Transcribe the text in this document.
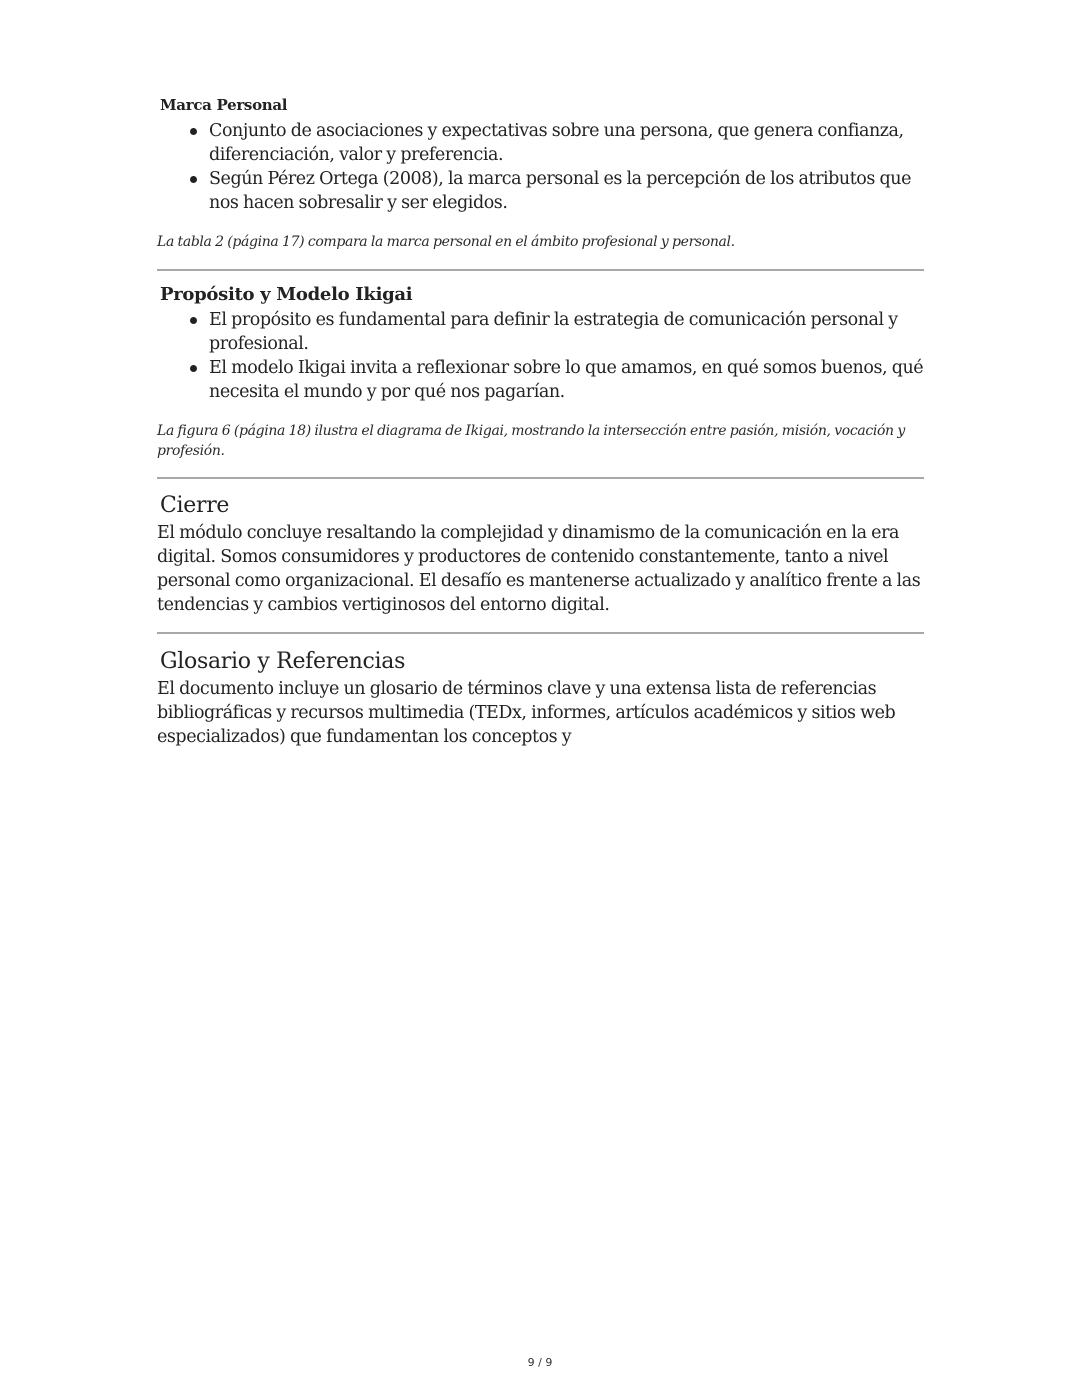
Marca Personal
Conjunto de asociaciones y expectativas sobre una persona, que genera confianza, diferenciación, valor y preferencia.
Según Pérez Ortega (2008), la marca personal es la percepción de los atributos que nos hacen sobresalir y ser elegidos.

La tabla 2 (página 17) compara la marca personal en el ámbito profesional y personal.

Propósito y Modelo Ikigai
El propósito es fundamental para definir la estrategia de comunicación personal y profesional.
El modelo Ikigai invita a reflexionar sobre lo que amamos, en qué somos buenos, qué necesita el mundo y por qué nos pagarían.

La figura 6 (página 18) ilustra el diagrama de Ikigai, mostrando la intersección entre pasión, misión, vocación y profesión.

Cierre

El módulo concluye resaltando la complejidad y dinamismo de la comunicación en la era digital. Somos consumidores y productores de contenido constantemente, tanto a nivel personal como organizacional. El desafío es mantenerse actualizado y analítico frente a las tendencias y cambios vertiginosos del entorno digital.

Glosario y Referencias

El documento incluye un glosario de términos clave y una extensa lista de referencias bibliográficas y recursos multimedia (TEDx, informes, artículos académicos y sitios web especializados) que fundamentan los conceptos y

9 / 9
